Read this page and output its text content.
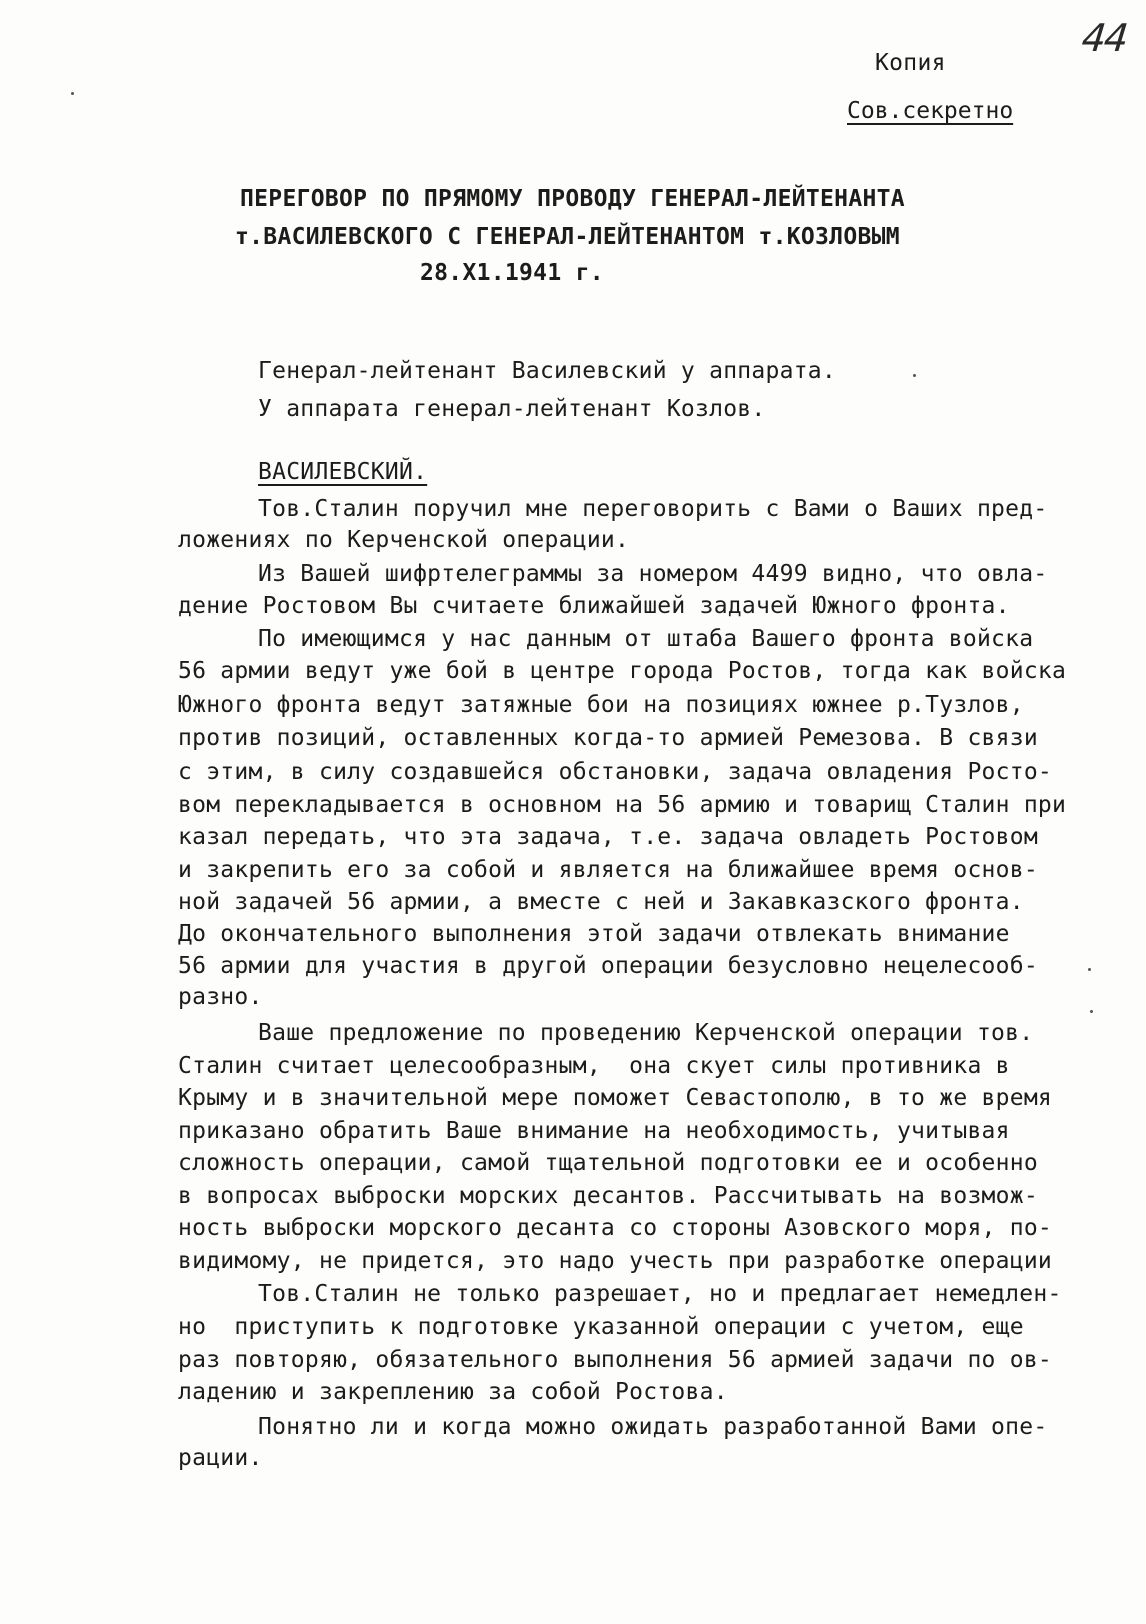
44
Копия
Сов.секретно
ПЕРЕГОВОР ПО ПРЯМОМУ ПРОВОДУ ГЕНЕРАЛ-ЛЕЙТЕНАНТА
т.ВАСИЛЕВСКОГО С ГЕНЕРАЛ-ЛЕЙТЕНАНТОМ т.КОЗЛОВЫМ
28.Х1.1941 г.
Генерал-лейтенант Василевский у аппарата.
У аппарата генерал-лейтенант Козлов.
ВАСИЛЕВСКИЙ.
Тов.Сталин поручил мне переговорить с Вами о Ваших пред-
ложениях по Керченской операции.
Из Вашей шифртелеграммы за номером 4499 видно, что овла-
дение Ростовом Вы считаете ближайшей задачей Южного фронта.
По имеющимся у нас данным от штаба Вашего фронта войска
56 армии ведут уже бой в центре города Ростов, тогда как войска
Южного фронта ведут затяжные бои на позициях южнее р.Тузлов,
против позиций, оставленных когда-то армией Ремезова. В связи
с этим, в силу создавшейся обстановки, задача овладения Росто-
вом перекладывается в основном на 56 армию и товарищ Сталин при
казал передать, что эта задача, т.е. задача овладеть Ростовом
и закрепить его за собой и является на ближайшее время основ-
ной задачей 56 армии, а вместе с ней и Закавказского фронта.
До окончательного выполнения этой задачи отвлекать внимание
56 армии для участия в другой операции безусловно нецелесооб-
разно.
Ваше предложение по проведению Керченской операции тов.
Сталин считает целесообразным,  она скует силы противника в
Крыму и в значительной мере поможет Севастополю, в то же время
приказано обратить Ваше внимание на необходимость, учитывая
сложность операции, самой тщательной подготовки ее и особенно
в вопросах выброски морских десантов. Рассчитывать на возмож-
ность выброски морского десанта со стороны Азовского моря, по-
видимому, не придется, это надо учесть при разработке операции
Тов.Сталин не только разрешает, но и предлагает немедлен-
но  приступить к подготовке указанной операции с учетом, еще
раз повторяю, обязательного выполнения 56 армией задачи по ов-
ладению и закреплению за собой Ростова.
Понятно ли и когда можно ожидать разработанной Вами опе-
рации.
